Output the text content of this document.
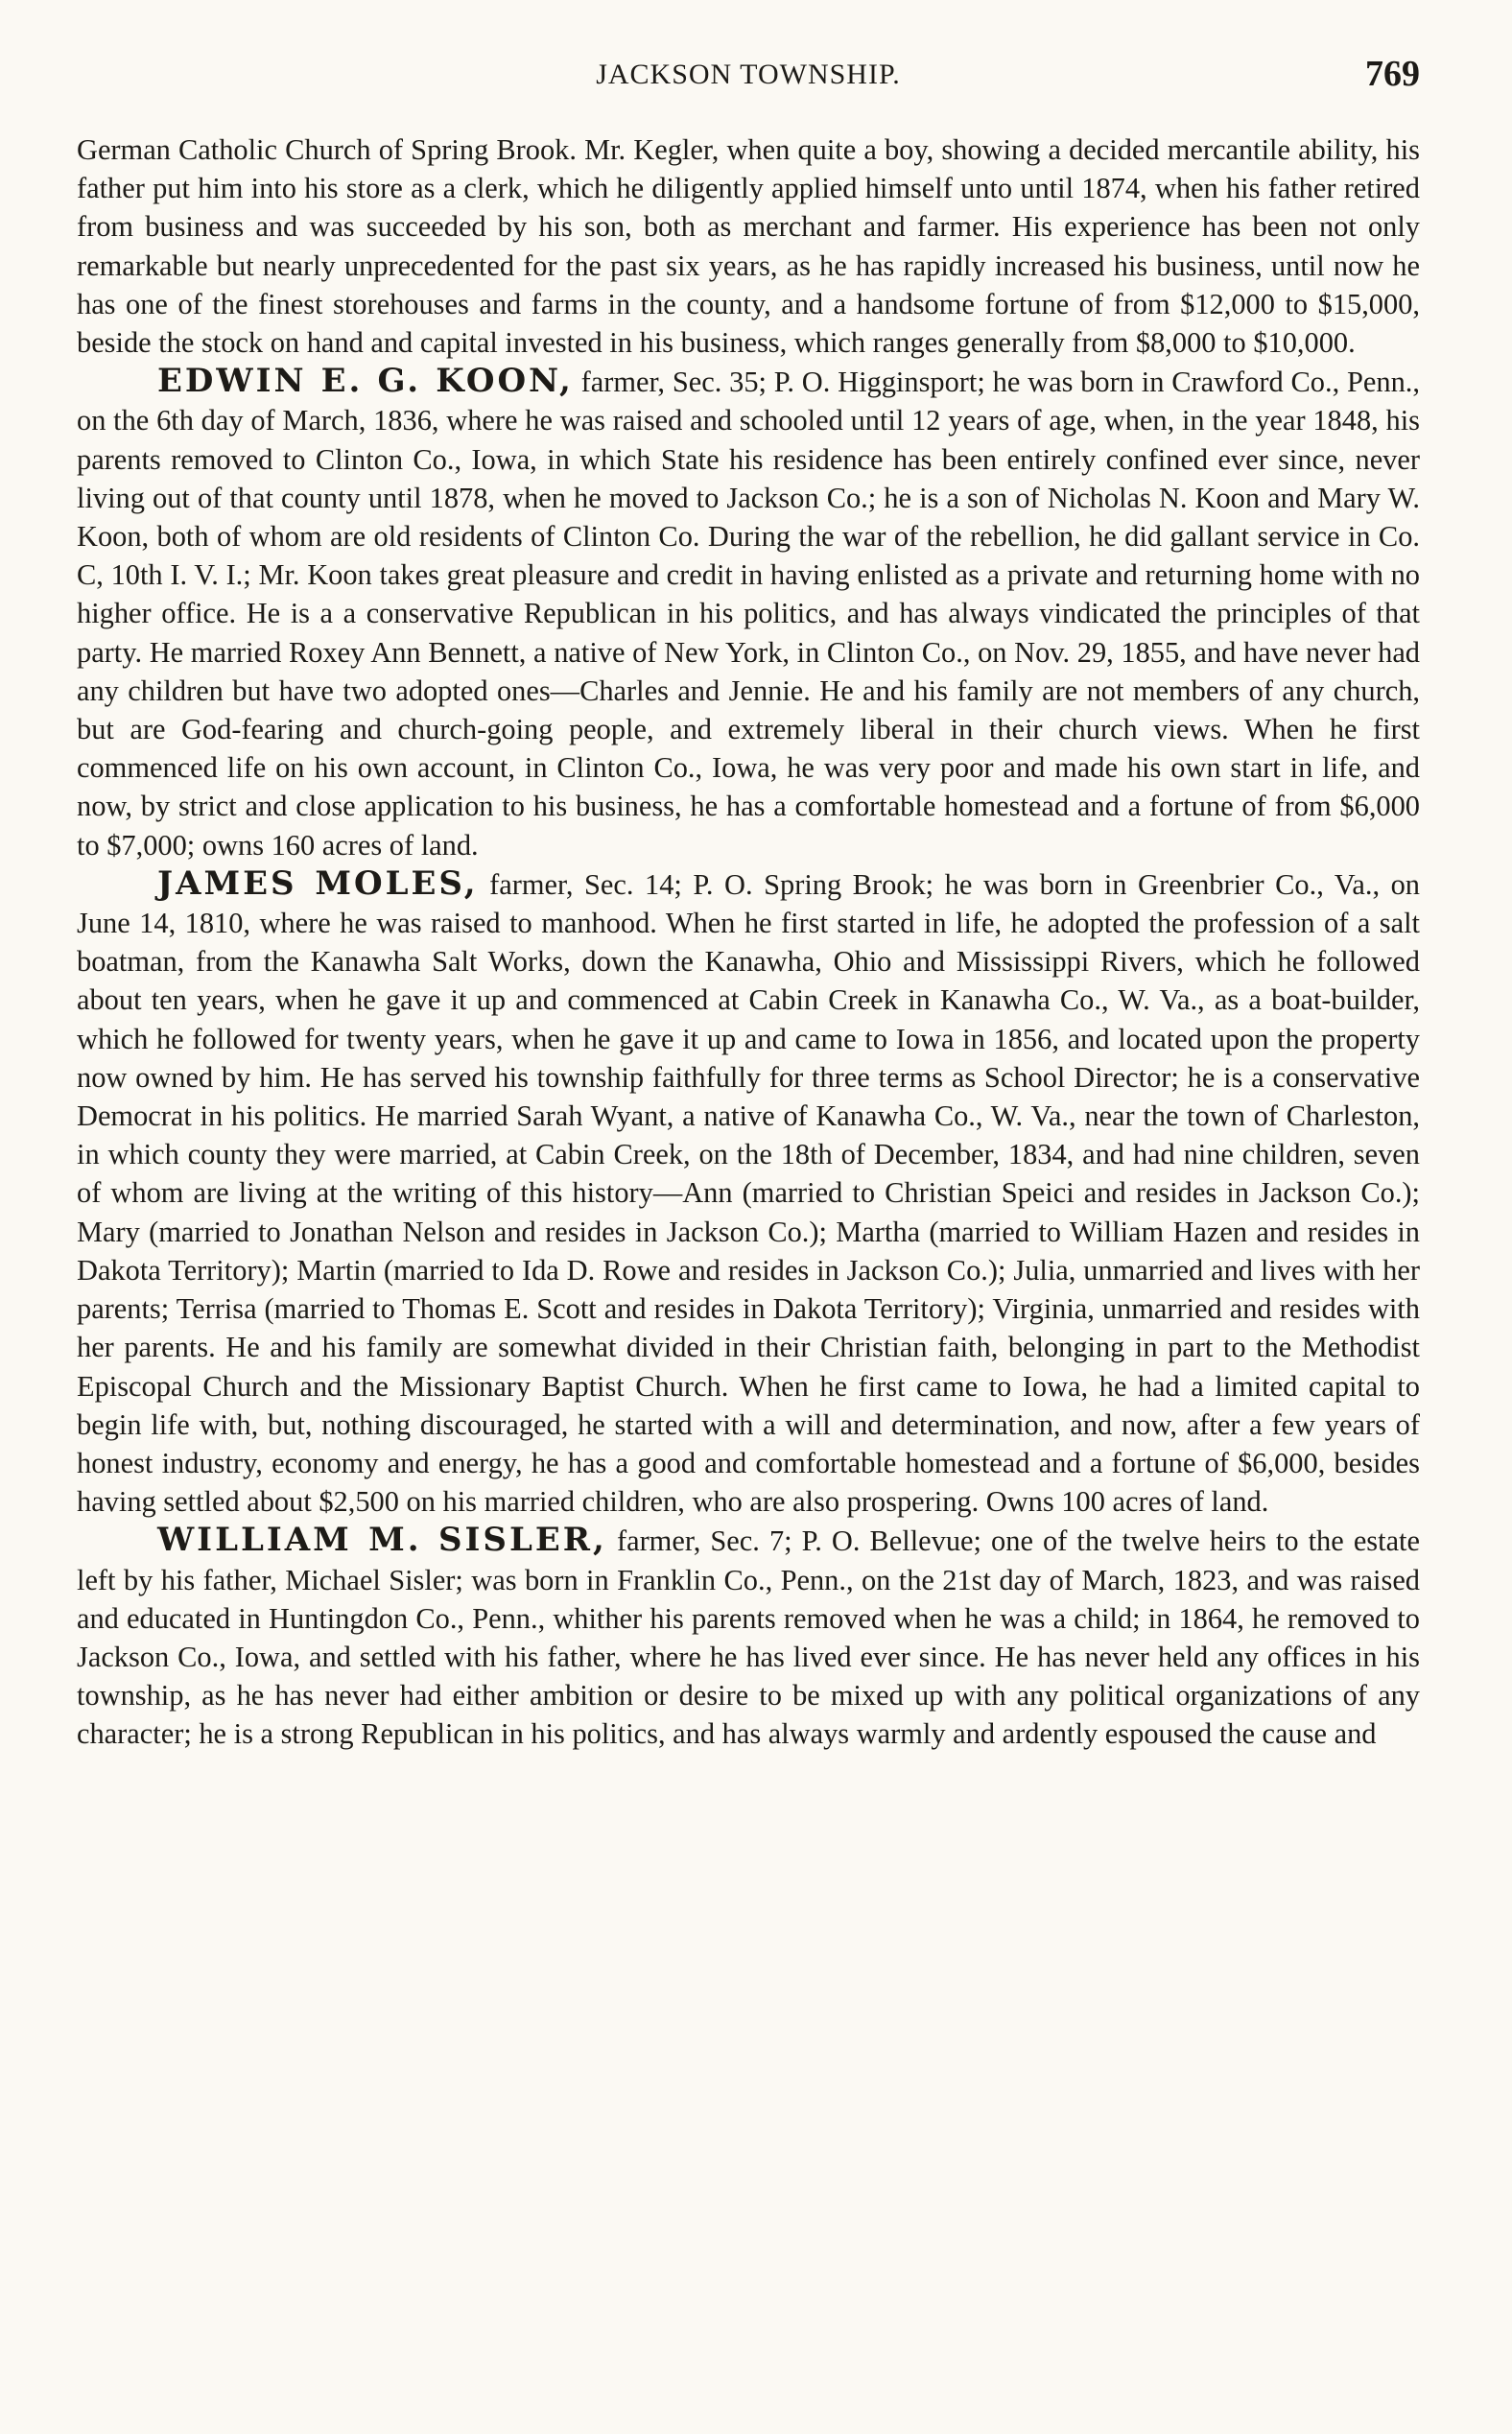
JACKSON TOWNSHIP.	769

German Catholic Church of Spring Brook. Mr. Kegler, when quite a boy, showing a decided mercantile ability, his father put him into his store as a clerk, which he diligently applied himself unto until 1874, when his father retired from business and was succeeded by his son, both as merchant and farmer. His experience has been not only remarkable but nearly unprecedented for the past six years, as he has rapidly increased his business, until now he has one of the finest storehouses and farms in the county, and a handsome fortune of from $12,000 to $15,000, beside the stock on hand and capital invested in his business, which ranges generally from $8,000 to $10,000.

EDWIN E. G. KOON, farmer, Sec. 35; P. O. Higginsport; he was born in Crawford Co., Penn., on the 6th day of March, 1836, where he was raised and schooled until 12 years of age, when, in the year 1848, his parents removed to Clinton Co., Iowa, in which State his residence has been entirely confined ever since, never living out of that county until 1878, when he moved to Jackson Co.; he is a son of Nicholas N. Koon and Mary W. Koon, both of whom are old residents of Clinton Co. During the war of the rebellion, he did gallant service in Co. C, 10th I. V. I.; Mr. Koon takes great pleasure and credit in having enlisted as a private and returning home with no higher office. He is a a conservative Republican in his politics, and has always vindicated the principles of that party. He married Roxey Ann Bennett, a native of New York, in Clinton Co., on Nov. 29, 1855, and have never had any children but have two adopted ones—Charles and Jennie. He and his family are not members of any church, but are God-fearing and church-going people, and extremely liberal in their church views. When he first commenced life on his own account, in Clinton Co., Iowa, he was very poor and made his own start in life, and now, by strict and close application to his business, he has a comfortable homestead and a fortune of from $6,000 to $7,000; owns 160 acres of land.

JAMES MOLES, farmer, Sec. 14; P. O. Spring Brook; he was born in Greenbrier Co., Va., on June 14, 1810, where he was raised to manhood. When he first started in life, he adopted the profession of a salt boatman, from the Kanawha Salt Works, down the Kanawha, Ohio and Mississippi Rivers, which he followed about ten years, when he gave it up and commenced at Cabin Creek in Kanawha Co., W. Va., as a boat-builder, which he followed for twenty years, when he gave it up and came to Iowa in 1856, and located upon the property now owned by him. He has served his township faithfully for three terms as School Director; he is a conservative Democrat in his politics. He married Sarah Wyant, a native of Kanawha Co., W. Va., near the town of Charleston, in which county they were married, at Cabin Creek, on the 18th of December, 1834, and had nine children, seven of whom are living at the writing of this history—Ann (married to Christian Speici and resides in Jackson Co.); Mary (married to Jonathan Nelson and resides in Jackson Co.); Martha (married to William Hazen and resides in Dakota Territory); Martin (married to Ida D. Rowe and resides in Jackson Co.); Julia, unmarried and lives with her parents; Terrisa (married to Thomas E. Scott and resides in Dakota Territory); Virginia, unmarried and resides with her parents. He and his family are somewhat divided in their Christian faith, belonging in part to the Methodist Episcopal Church and the Missionary Baptist Church. When he first came to Iowa, he had a limited capital to begin life with, but, nothing discouraged, he started with a will and determination, and now, after a few years of honest industry, economy and energy, he has a good and comfortable homestead and a fortune of $6,000, besides having settled about $2,500 on his married children, who are also prospering. Owns 100 acres of land.

WILLIAM M. SISLER, farmer, Sec. 7; P. O. Bellevue; one of the twelve heirs to the estate left by his father, Michael Sisler; was born in Franklin Co., Penn., on the 21st day of March, 1823, and was raised and educated in Huntingdon Co., Penn., whither his parents removed when he was a child; in 1864, he removed to Jackson Co., Iowa, and settled with his father, where he has lived ever since. He has never held any offices in his township, as he has never had either ambition or desire to be mixed up with any political organizations of any character; he is a strong Republican in his politics, and has always warmly and ardently espoused the cause and
